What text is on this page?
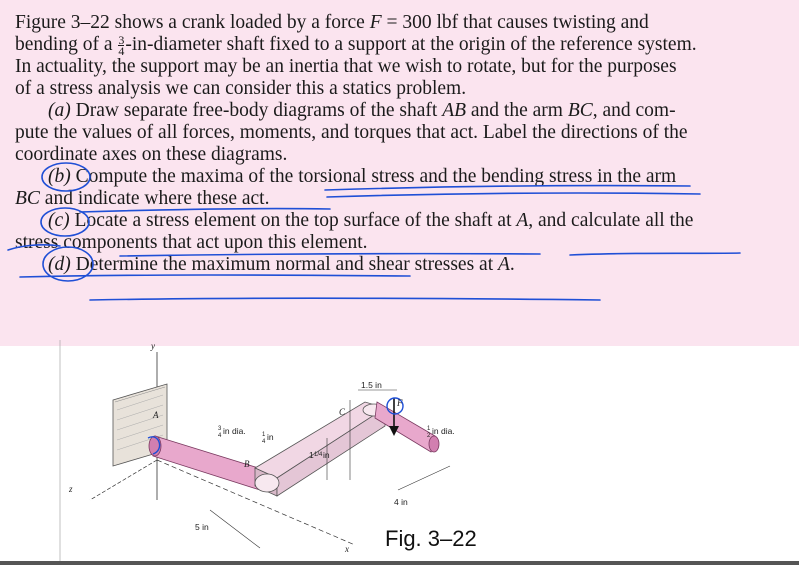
Figure 3–22 shows a crank loaded by a force F = 300 lbf that causes twisting and
bending of a $\frac{3}{4}$ -in-diameter shaft fixed to a support at the origin of the reference system.
In actuality, the support may be an inertia that we wish to rotate, but for the purposes
of a stress analysis we can consider this a statics problem.
(a) Draw separate free-body diagrams of the shaft AB and the arm BC, and com-
pute the values of all forces, moments, and torques that act. Label the directions of the
coordinate axes on these diagrams.
(b) Compute the maxima of the torsional stress and the bending stress in the arm
BC and indicate where these act.
(c) Locate a stress element on the top surface of the shaft at A, and calculate all the
stress components that act upon this element.
(d) Determine the maximum normal and shear stresses at A.
y
z
x
A
B
C
F
1.5 in
3
4 in dia.	1
4 in
1 1/4 in
1
2 in dia.
4 in
5 in	Fig. 3–22
